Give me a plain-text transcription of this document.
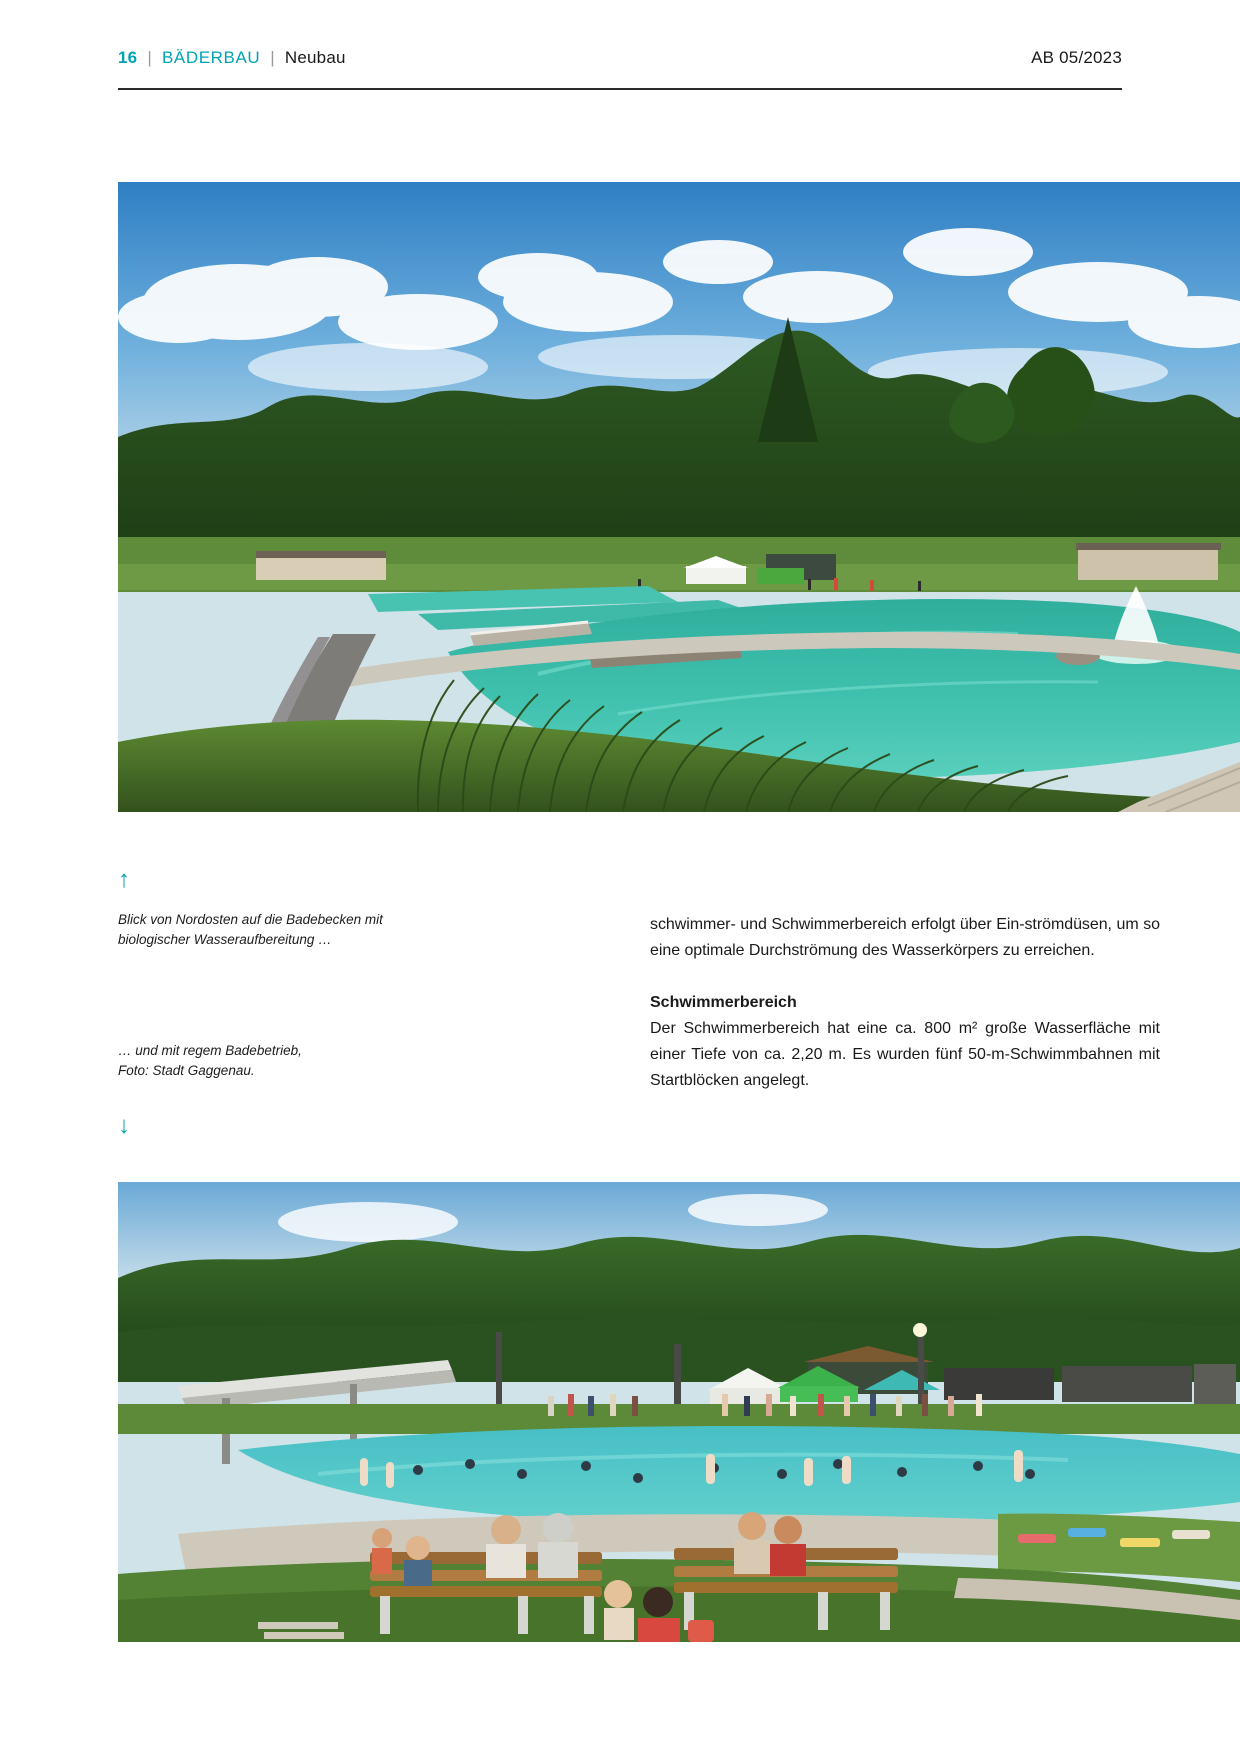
16 | BÄDERBAU | Neubau	AB 05/2023
↑
Blick von Nordosten auf die Badebecken mit
biologischer Wasseraufbereitung …
… und mit regem Badebetrieb,
Foto: Stadt Gaggenau.
↓

schwimmer- und Schwimmerbereich erfolgt über Ein-strömdüsen, um so eine optimale Durchströmung des Wasserkörpers zu erreichen.

Schwimmerbereich
Der Schwimmerbereich hat eine ca. 800 m² große Wasserfläche mit einer Tiefe von ca. 2,20 m. Es wurden fünf 50-m-Schwimmbahnen mit Startblöcken angelegt.
